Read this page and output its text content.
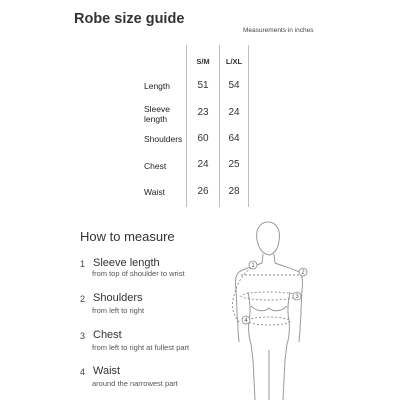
Robe size guide
Measurements in inches
S/M L/XL
Length	51 54
Sleeve
length
23 24
Shoulders 60 64
Chest	24 25
Waist	26 28
How to measure
1 Sleeve length
from top of shoulder to wrist
2 Shoulders
from left to right
3 Chest
from left to right at fullest part
4 Waist
around the narrowest part
1
2
3
4
